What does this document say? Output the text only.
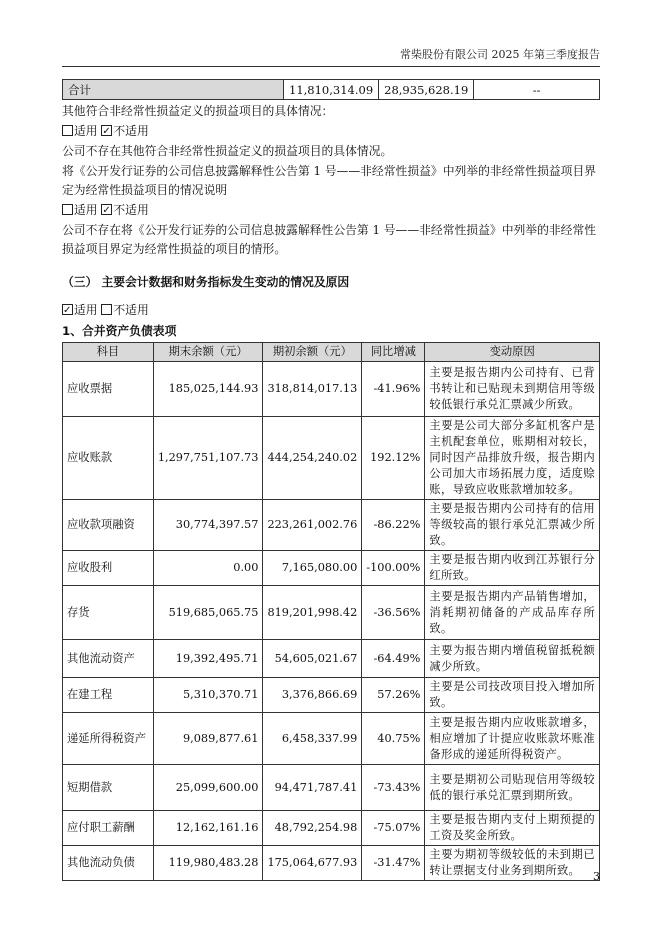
常柴股份有限公司 2025 年第三季度报告
合计	11,810,314.09	28,935,628.19	--

其他符合非经常性损益定义的损益项目的具体情况：

适用 ✓ 不适用

公司不存在其他符合非经常性损益定义的损益项目的具体情况。

将《公开发行证券的公司信息披露解释性公告第 1 号——非经常性损益》中列举的非经常性损益项目界

定为经常性损益项目的情况说明

适用 ✓ 不适用

公司不存在将《公开发行证券的公司信息披露解释性公告第 1 号——非经常性损益》中列举的非经常性

损益项目界定为经常性损益的项目的情形。

（三） 主要会计数据和财务指标发生变动的情况及原因

✓适用 不适用

1、合并资产负债表项

科目	期末余额（元）	期初余额（元）	同比增减	变动原因
应收票据	185,025,144.93	318,814,017.13	-41.96%	主要是报告期内公司持有、已背书转让和已贴现未到期信用等级较低银行承兑汇票减少所致。
应收账款	1,297,751,107.73	444,254,240.02	192.12%	主要是公司大部分多缸机客户是主机配套单位，账期相对较长，同时因产品排放升级，报告期内公司加大市场拓展力度，适度赊账，导致应收账款增加较多。
应收款项融资	30,774,397.57	223,261,002.76	-86.22%	主要是报告期内公司持有的信用等级较高的银行承兑汇票减少所致。
应收股利	0.00	7,165,080.00	-100.00%	主要是报告期内收到江苏银行分红所致。
存货	519,685,065.75	819,201,998.42	-36.56%	主要是报告期内产品销售增加，消耗期初储备的产成品库存所致。
其他流动资产	19,392,495.71	54,605,021.67	-64.49%	主要为报告期内增值税留抵税额减少所致。
在建工程	5,310,370.71	3,376,866.69	57.26%	主要是公司技改项目投入增加所致。
递延所得税资产	9,089,877.61	6,458,337.99	40.75%	主要是报告期内应收账款增多，相应增加了计提应收账款坏账准备形成的递延所得税资产。
短期借款	25,099,600.00	94,471,787.41	-73.43%	主要是期初公司贴现信用等级较低的银行承兑汇票到期所致。
应付职工薪酬	12,162,161.16	48,792,254.98	-75.07%	主要是报告期内支付上期预提的工资及奖金所致。
其他流动负债	119,980,483.28	175,064,677.93	-31.47%	主要为期初等级较低的未到期已转让票据支付业务到期所致。 3
